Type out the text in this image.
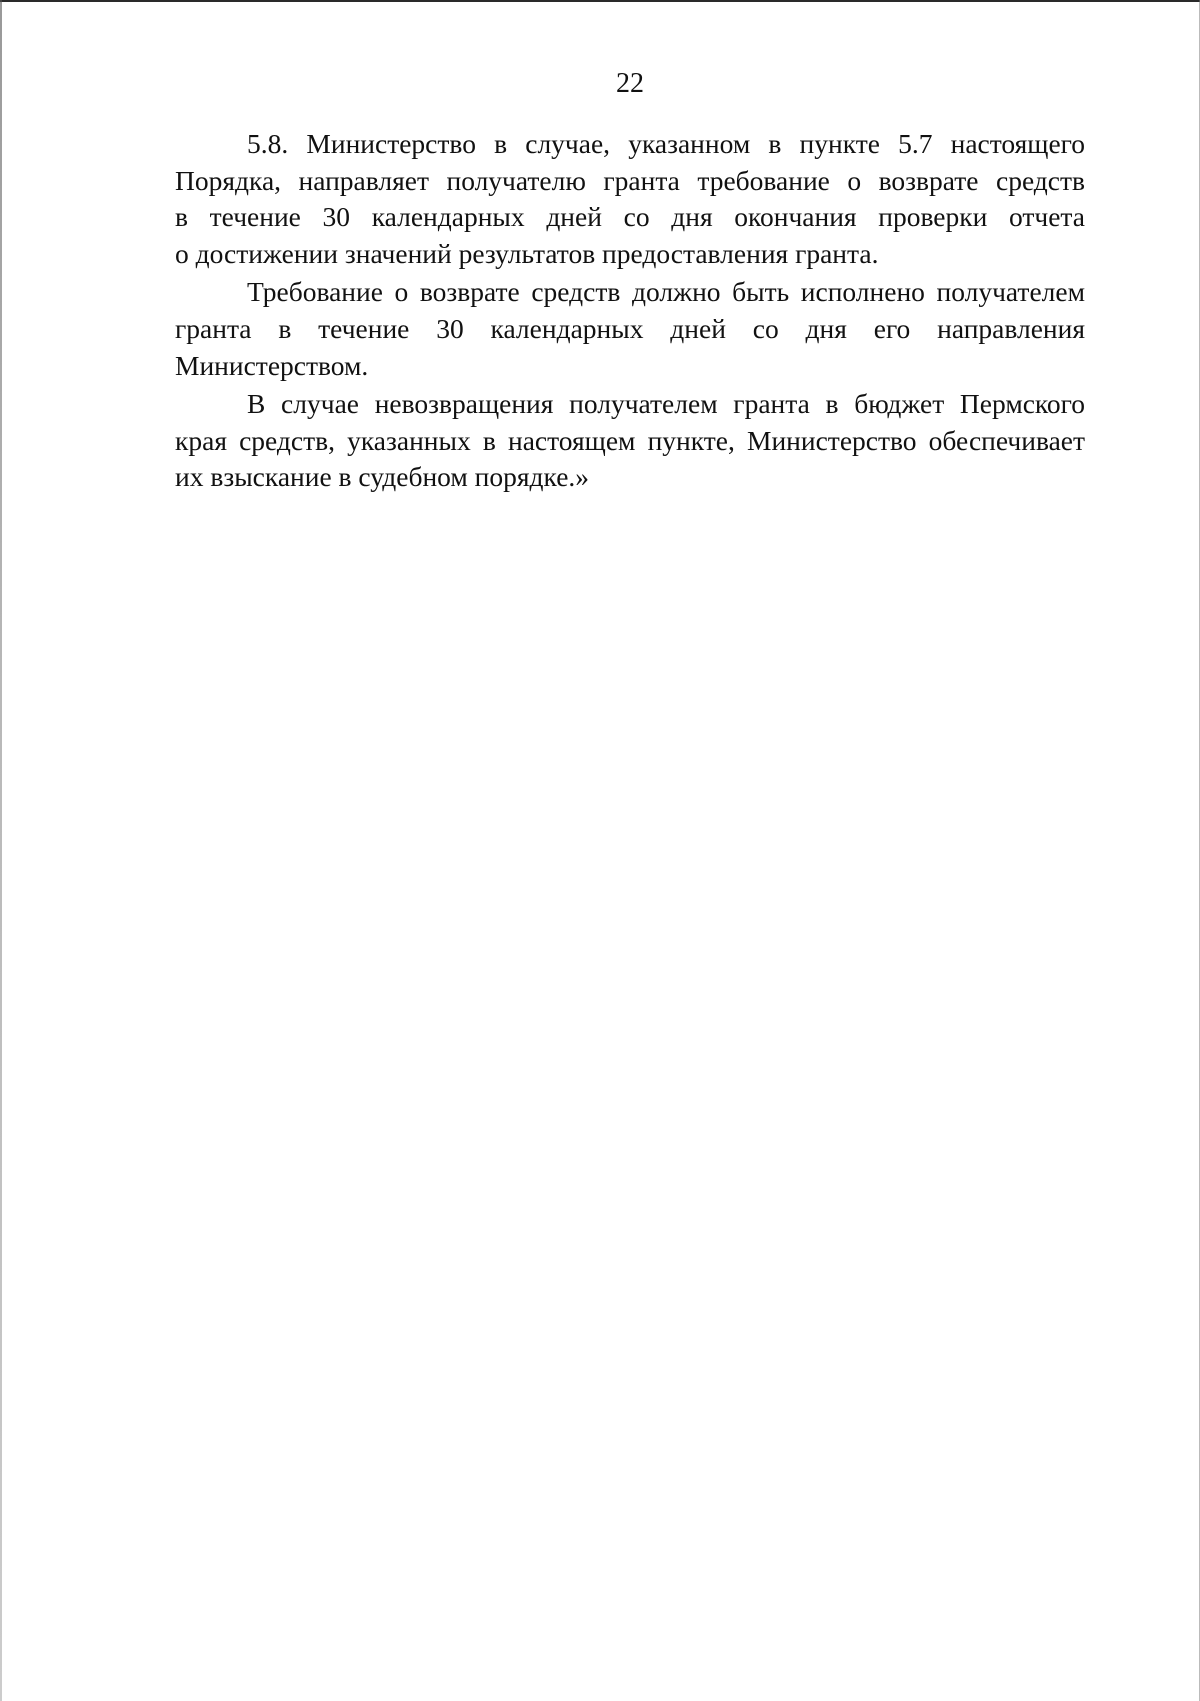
22
5.8. Министерство в случае, указанном в пункте 5.7 настоящего
Порядка, направляет получателю гранта требование о возврате средств
в течение 30 календарных дней со дня окончания проверки отчета
о достижении значений результатов предоставления гранта.
Требование о возврате средств должно быть исполнено получателем
гранта в течение 30 календарных дней со дня его направления
Министерством.
В случае невозвращения получателем гранта в бюджет Пермского
края средств, указанных в настоящем пункте, Министерство обеспечивает
их взыскание в судебном порядке.»
